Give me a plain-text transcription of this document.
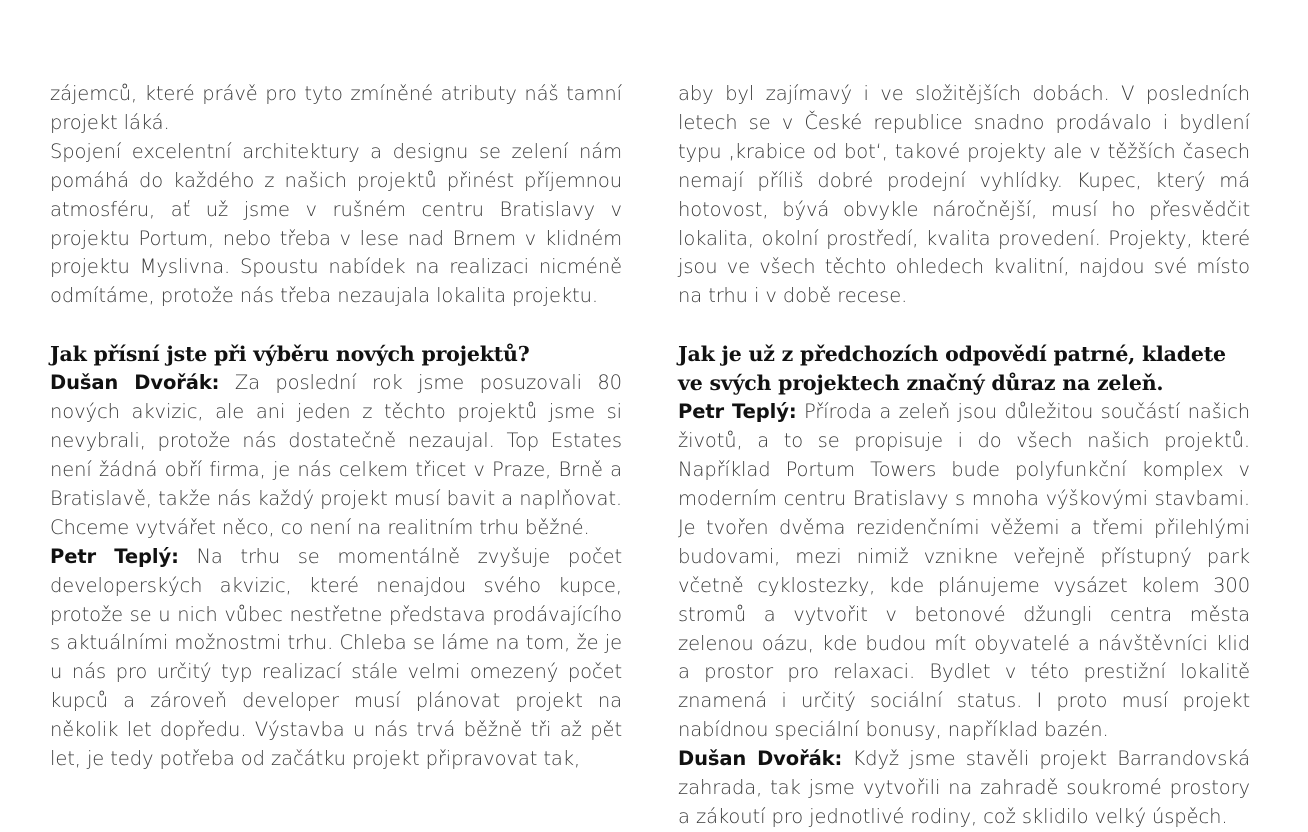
zájemců, které právě pro tyto zmíněné atributy náš tamní projekt láká.

Spojení excelentní architektury a designu se zelení nám pomáhá do každého z našich projektů přinést příjemnou atmosféru, ať už jsme v rušném centru Bratislavy v projektu Portum, nebo třeba v lese nad Brnem v klidném projektu Myslivna. Spoustu nabídek na realizaci nicméně odmítáme, protože nás třeba nezaujala lokalita projektu.

Jak přísní jste při výběru nových projektů?

Dušan Dvořák: Za poslední rok jsme posuzovali 80 nových akvizic, ale ani jeden z těchto projektů jsme si nevybrali, protože nás dostatečně nezaujal. Top Estates není žádná obří firma, je nás celkem třicet v Praze, Brně a Bratislavě, takže nás každý projekt musí bavit a naplňovat. Chceme vytvářet něco, co není na realitním trhu běžné.

Petr Teplý: Na trhu se momentálně zvyšuje počet developerských akvizic, které nenajdou svého kupce, protože se u nich vůbec nestřetne představa prodávajícího s aktuálními možnostmi trhu. Chleba se láme na tom, že je u nás pro určitý typ realizací stále velmi omezený počet kupců a zároveň developer musí plánovat projekt na několik let dopředu. Výstavba u nás trvá běžně tři až pět let, je tedy potřeba od začátku projekt připravovat tak,

aby byl zajímavý i ve složitějších dobách. V posledních letech se v České republice snadno prodávalo i bydlení typu ‚krabice od bot‘, takové projekty ale v těžších časech nemají příliš dobré prodejní vyhlídky. Kupec, který má hotovost, bývá obvykle náročnější, musí ho přesvědčit lokalita, okolní prostředí, kvalita provedení. Projekty, které jsou ve všech těchto ohledech kvalitní, najdou své místo na trhu i v době recese.

Jak je už z předchozích odpovědí patrné, kladete ve svých projektech značný důraz na zeleň.

Petr Teplý: Příroda a zeleň jsou důležitou součástí našich životů, a to se propisuje i do všech našich projektů. Například Portum Towers bude polyfunkční komplex v moderním centru Bratislavy s mnoha výškovými stavbami. Je tvořen dvěma rezidenčními věžemi a třemi přilehlými budovami, mezi nimiž vznikne veřejně přístupný park včetně cyklostezky, kde plánujeme vysázet kolem 300 stromů a vytvořit v betonové džungli centra města zelenou oázu, kde budou mít obyvatelé a návštěvníci klid a prostor pro relaxaci. Bydlet v této prestižní lokalitě znamená i určitý sociální status. I proto musí projekt nabídnou speciální bonusy, například bazén.

Dušan Dvořák: Když jsme stavěli projekt Barrandovská zahrada, tak jsme vytvořili na zahradě soukromé prostory a zákoutí pro jednotlivé rodiny, což sklidilo velký úspěch.
